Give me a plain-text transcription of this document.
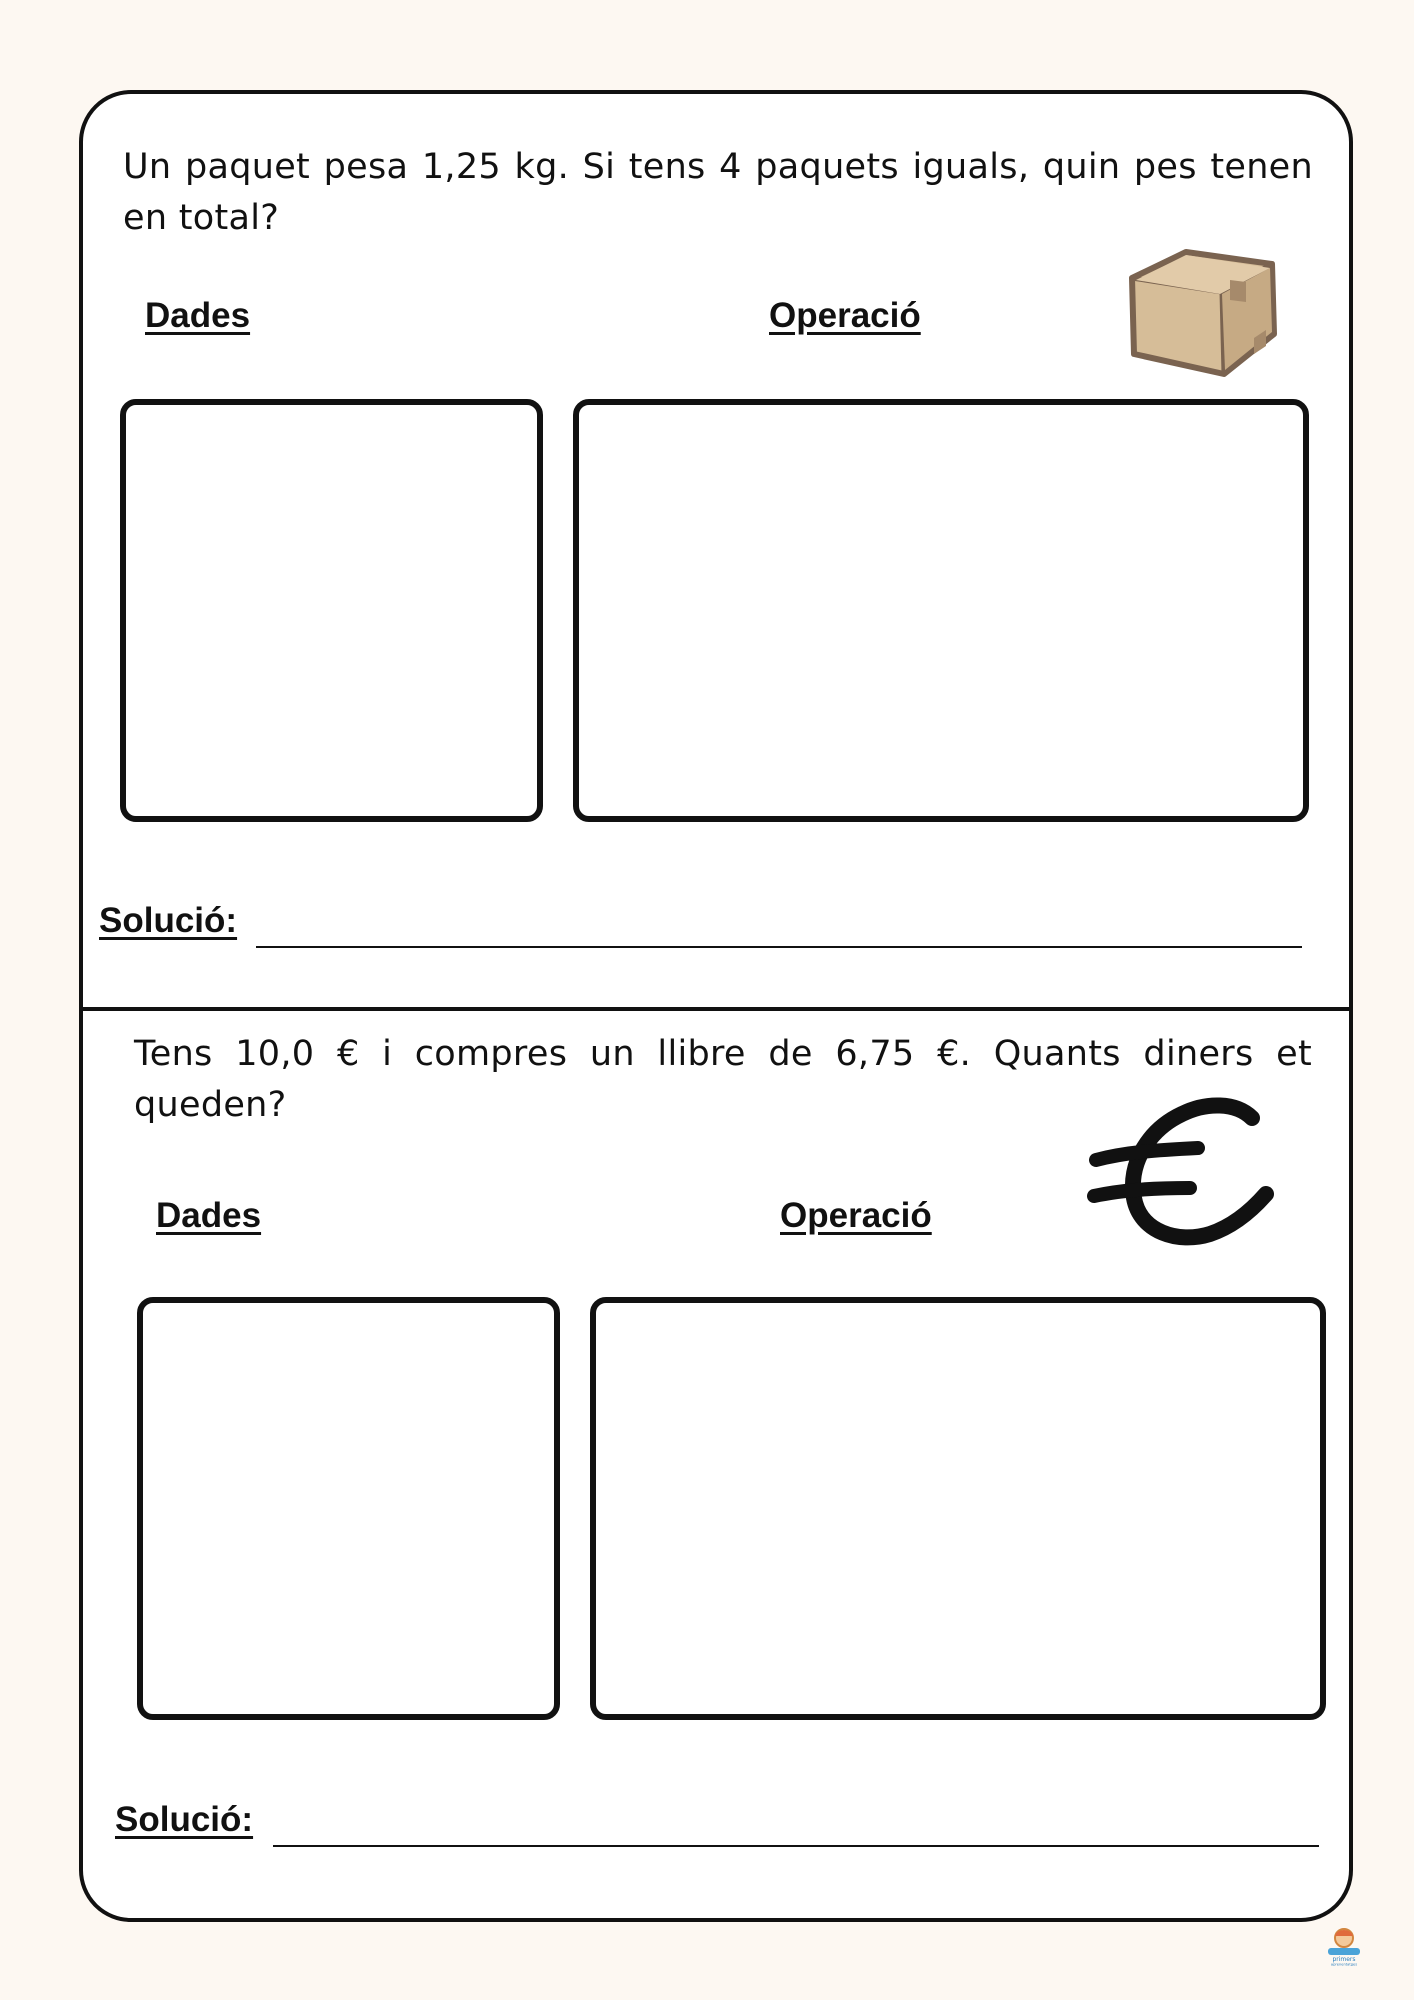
Un paquet pesa 1,25 kg. Si tens 4 paquets iguals, quin pes tenen en total?

Dades	Operació
Solució:

Tens 10,0 € i compres un llibre de 6,75 €. Quants diners et queden?

Dades	Operació
Solució:
primers
aprenentatges
